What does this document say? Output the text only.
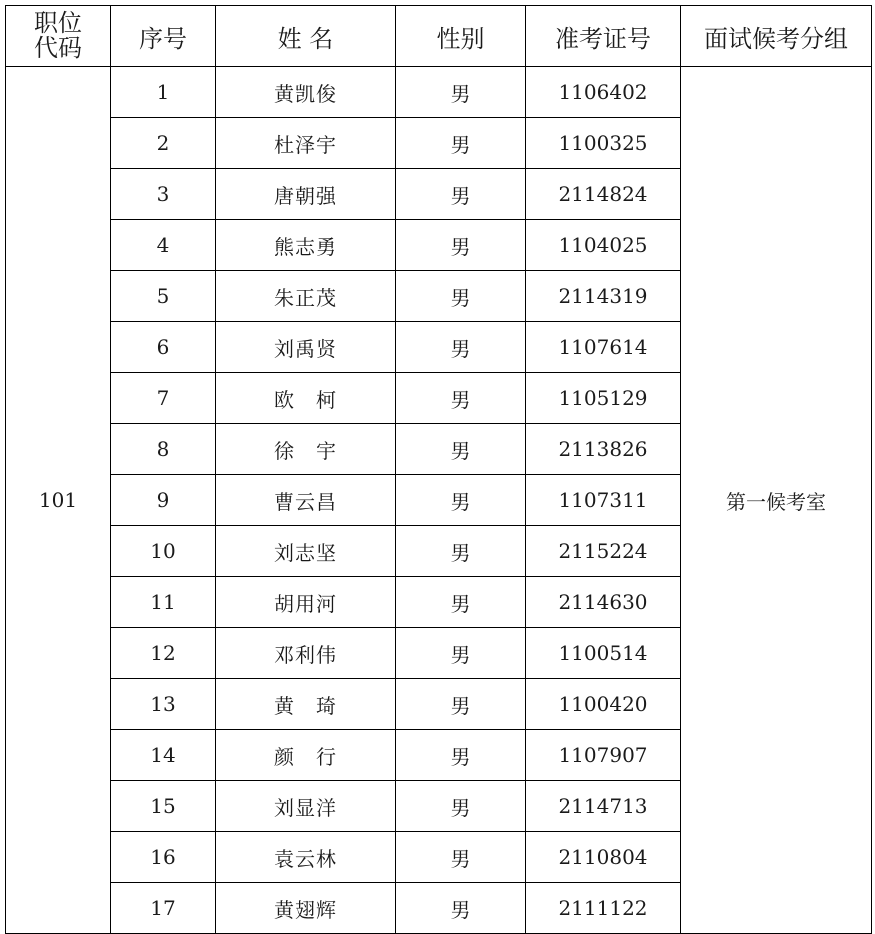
职位
代码	序号	姓 名	性别	准考证号	面试候考分组
101	1	黄凯俊	男	1106402	第一候考室
	2	杜泽宇	男	1100325	
	3	唐朝强	男	2114824	
	4	熊志勇	男	1104025	
	5	朱正茂	男	2114319	
	6	刘禹贤	男	1107614	
	7	欧　柯	男	1105129	
	8	徐　宇	男	2113826	
	9	曹云昌	男	1107311	
	10	刘志坚	男	2115224	
	11	胡用河	男	2114630	
	12	邓利伟	男	1100514	
	13	黄　琦	男	1100420	
	14	颜　行	男	1107907	
	15	刘显洋	男	2114713	
	16	袁云林	男	2110804	
	17	黄翅辉	男	2111122	
